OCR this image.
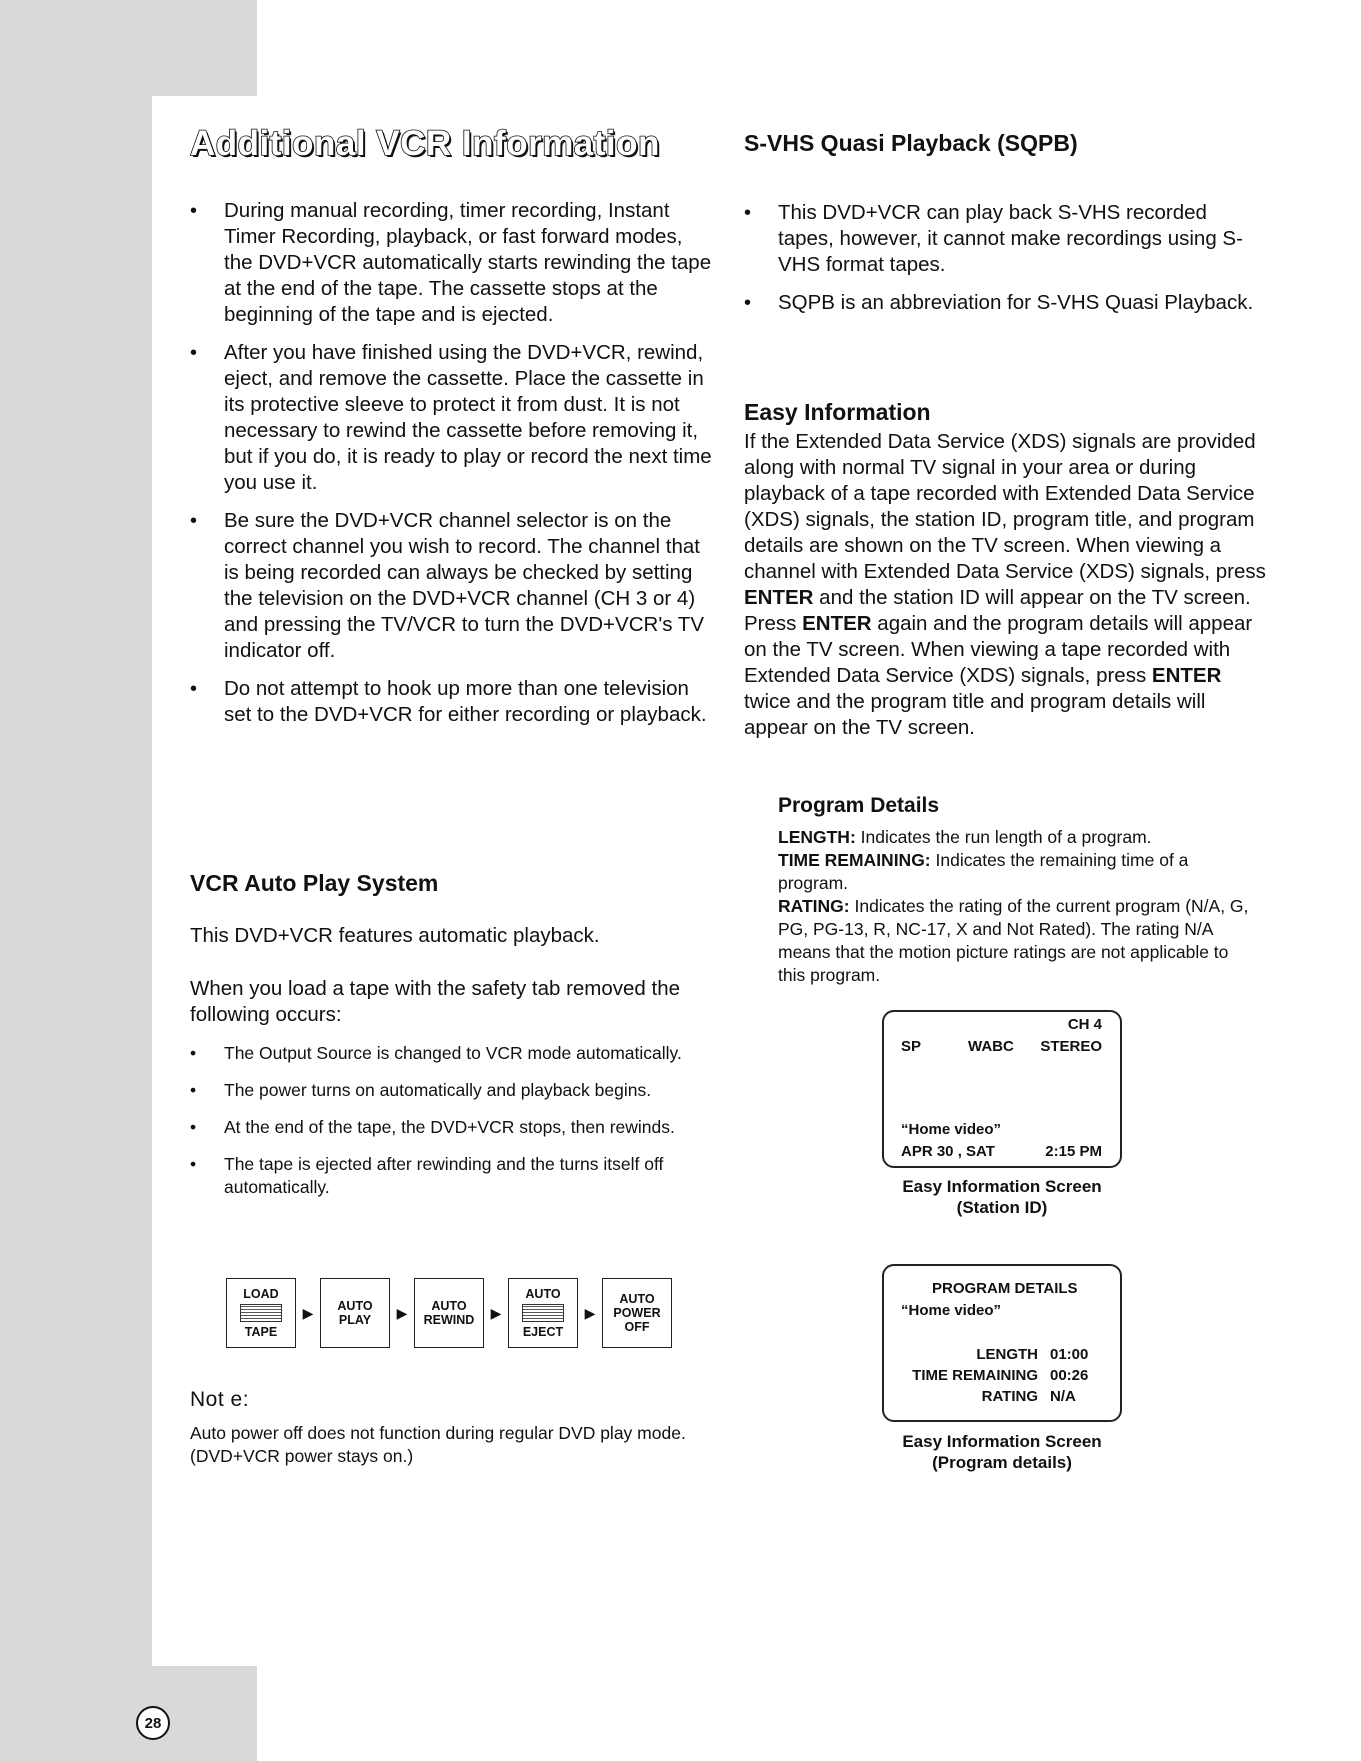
28
Additional VCR Information
• During manual recording, timer recording, Instant Timer Recording, playback, or fast forward modes, the DVD+VCR automatically starts rewinding the tape at the end of the tape. The cassette stops at the beginning of the tape and is ejected.
• After you have finished using the DVD+VCR, rewind, eject, and remove the cassette. Place the cassette in its protective sleeve to protect it from dust. It is not necessary to rewind the cassette before removing it, but if you do, it is ready to play or record the next time you use it.
• Be sure the DVD+VCR channel selector is on the correct channel you wish to record. The channel that is being recorded can always be checked by setting the television on the DVD+VCR channel (CH 3 or 4) and pressing the TV/VCR to turn the DVD+VCR's TV indicator off.
• Do not attempt to hook up more than one television set to the DVD+VCR for either recording or playback.
VCR Auto Play System

This DVD+VCR features automatic playback.

When you load a tape with the safety tab removed the following occurs:

• The Output Source is changed to VCR mode automatically.
• The power turns on automatically and playback begins.
• At the end of the tape, the DVD+VCR stops, then rewinds.
• The tape is ejected after rewinding and the turns itself off automatically.
LOAD
TAPE
▶	AUTO
PLAY	▶	AUTO
REWIND	▶
AUTO
EJECT
▶
AUTO
POWER
OFF
Not e:

Auto power off does not function during regular DVD play mode. (DVD+VCR power stays on.)

S-VHS Quasi Playback (SQPB)
• This DVD+VCR can play back S-VHS recorded tapes, however, it cannot make recordings using S-VHS format tapes.
• SQPB is an abbreviation for S-VHS Quasi Playback.
Easy Information
If the Extended Data Service (XDS) signals are provided along with normal TV signal in your area or during playback of a tape recorded with Extended Data Service (XDS) signals, the station ID, program title, and program details are shown on the TV screen. When viewing a channel with Extended Data Service (XDS) signals, press ENTER and the station ID will appear on the TV screen. Press ENTER again and the program details will appear on the TV screen. When viewing a tape recorded with Extended Data Service (XDS) signals, press ENTER twice and the program title and program details will appear on the TV screen.
Program Details
LENGTH: Indicates the run length of a program.
TIME REMAINING: Indicates the remaining time of a program.
RATING: Indicates the rating of the current program (N/A, G, PG, PG-13, R, NC-17, X and Not Rated). The rating N/A means that the motion picture ratings are not applicable to this program.
CH 4
SP	WABC STEREO
“Home video”
APR 30 , SAT	2:15 PM
Easy Information Screen
(Station ID)
PROGRAM DETAILS
“Home video”
LENGTH 01:00
TIME REMAINING 00:26
RATING N/A
Easy Information Screen
(Program details)
